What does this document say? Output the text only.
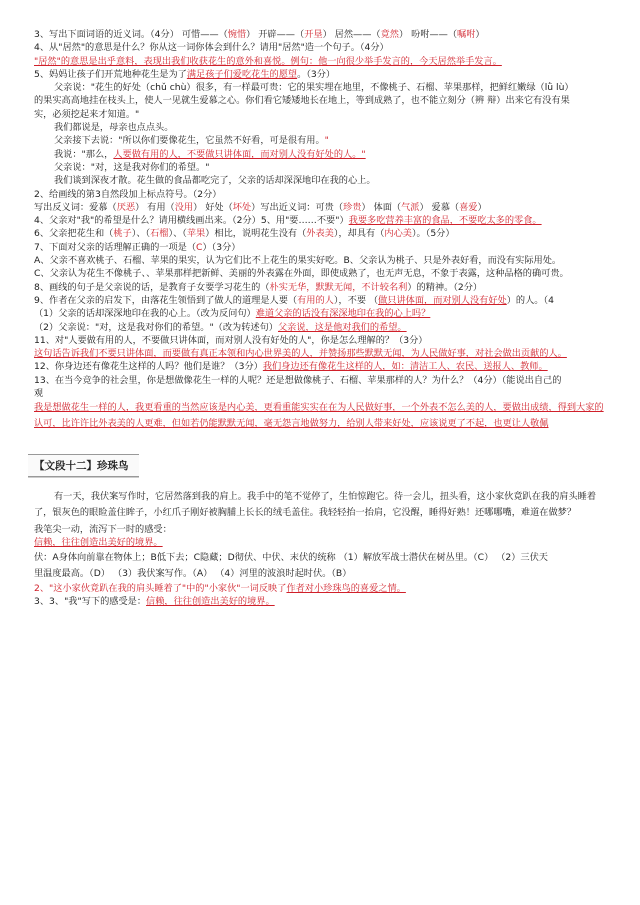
3、写出下面词语的近义词。（4分） 可惜——（惋惜） 开辟——（开垦） 居然——（竟然） 吩咐——（嘱咐）
4、从"居然"的意思是什么？你从这一词你体会到什么？请用"居然"造一个句子。（4分）
"居然"的意思是出乎意料，表现出我们收获花生的意外和喜悦。例句：他一向很少举手发言的，今天居然举手发言。
5、妈妈让孩子们开荒地种花生是为了满足孩子们爱吃花生的愿望。（3分）
父亲说："花生的好处（chǔ chù）很多，有一样最可贵：它的果实埋在地里，不像桃子、石榴、苹果那样，把鲜红嫩绿（lǜ lù）
的果实高高地挂在枝头上，使人一见就生爱慕之心。你们看它矮矮地长在地上，等到成熟了，也不能立刻分（辨 辩）出来它有没有果
实，必须挖起来才知道。"
我们都说是，母亲也点点头。
父亲接下去说："所以你们要像花生，它虽然不好看，可是很有用。"
我说："那么，人要做有用的人，不要做只讲体面，而对别人没有好处的人。"
父亲说："对，这是我对你们的希望。"
我们谈到深夜才散。花生做的食品都吃完了，父亲的话却深深地印在我的心上。
2、给画线的第3自然段加上标点符号。（2分）
写出反义词：爱慕（厌恶） 有用（没用） 好处（坏处）写出近义词：可贵（珍贵） 体面（气派） 爱慕（喜爱）
4、父亲对"我"的希望是什么？请用横线画出来。（2分）5、用"要……不要"）我要多吃营养丰富的食品，不要吃太多的零食。
6、父亲把花生和（桃子）、（石榴）、（苹果）相比，说明花生没有（外表美），却具有（内心美）。（5分）
7、下面对父亲的话理解正确的一项是（C）（3分）
A、父亲不喜欢桃子、石榴、苹果的果实，认为它们比不上花生的果实好吃。B、父亲认为桃子、只是外表好看，而没有实际用处。
C、父亲认为花生不像桃子、、苹果那样把新鲜、美丽的外表露在外面，即使成熟了，也无声无息，不象于表露，这种品格的确可贵。
8、画线的句子是父亲说的话，是教育子女要学习花生的（朴实无华，默默无闻，不计较名利）的精神。（2分）
9、作者在父亲的启发下，由落花生领悟到了做人的道理是人要（有用的人），不要 （做只讲体面，而对别人没有好处）的人。（4
（1）父亲的话却深深地印在我的心上。（改为反问句）难道父亲的话没有深深地印在我的心上吗？
（2）父亲说："对，这是我对你们的希望。"（改为转述句）父亲说，这是他对我们的希望。
11、对"人要做有用的人，不要做只讲体面，而对别人没有好处的人"，你是怎么理解的？（3分）
这句话告诉我们不要只讲体面，而要做有真正本领和内心世界美的人，并赞扬那些默默无闻，为人民做好事，对社会做出贡献的人。
12、你身边还有像花生这样的人吗？他们是谁？（3分）我们身边还有像花生这样的人，如：清洁工人、农民、送报人、教师。
13、在当今竞争的社会里，你是想做像花生一样的人呢？还是想做像桃子、石榴、苹果那样的人？为什么？（4分）（能说出自己的
观
我是想做花生一样的人，我更看重的当然应该是内心美，更看重能实实在在为人民做好事，一个外表不怎么美的人，要做出成绩，得到大家的认可，比许许比外表美的人更难，但如若仍能默默无闻，毫无怨言地做努力，给别人带来好处，应该说更了不起，也更让人敬佩
【文段十二】珍珠鸟
有一天，我伏案写作时，它居然落到我的肩上。我手中的笔不觉停了，生怕惊跑它。待一会儿，扭头看，这小家伙竟趴在我的肩头睡着了，银灰色的眼睑盖住眸子，小红爪子刚好被胸脯上长长的绒毛盖住。我轻轻抬一抬肩，它没醒，睡得好熟！还哪哪嘴，难道在做梦？
我笔尖一动，流泻下一时的感受：
信赖，往往创造出美好的境界。
伏：A身体向前靠在物体上；B低下去；C隐藏；D彻伏、中伏、末伏的统称 （1）解放军战士潜伏在树丛里。（C） （2）三伏天
里温度最高。（D） （3）我伏案写作。（A） （4）河里的波浪时起时伏。（B）
2、"这小家伙竟趴在我的肩头睡着了"中的"小家伙"一词反映了作者对小珍珠鸟的喜爱之情。
3、3、"我"写下的感受是：信赖，往往创造出美好的境界。
